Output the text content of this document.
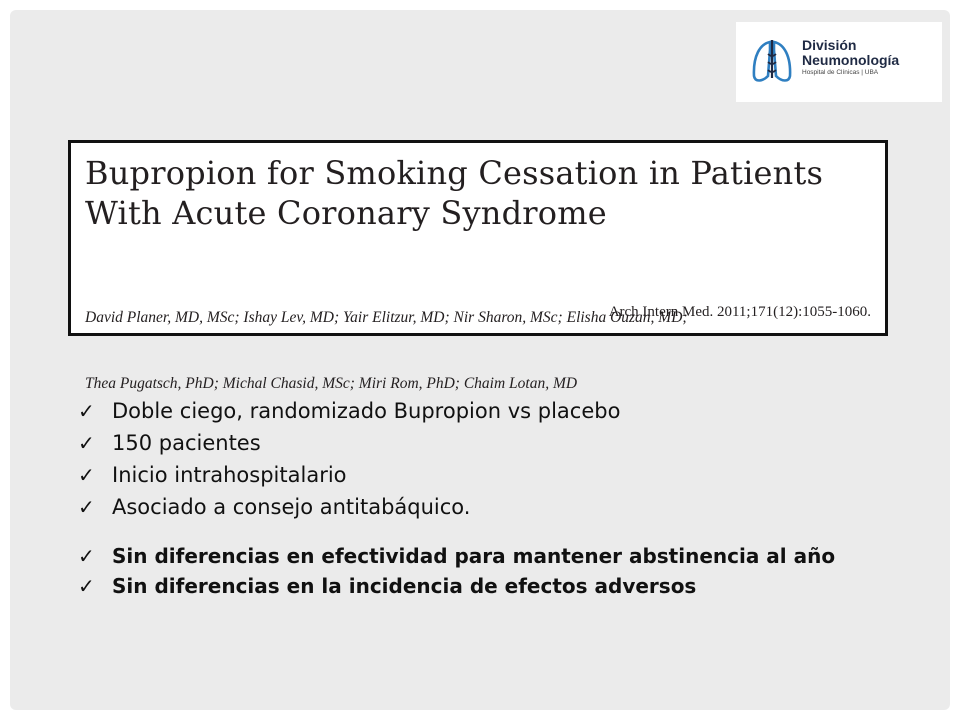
División
Neumonología
Hospital de Clínicas | UBA
Bupropion for Smoking Cessation in Patients
With Acute Coronary Syndrome

David Planer, MD, MSc; Ishay Lev, MD; Yair Elitzur, MD; Nir Sharon, MSc; Elisha Ouzan, MD;

Thea Pugatsch, PhD; Michal Chasid, MSc; Miri Rom, PhD; Chaim Lotan, MD

Arch Intern Med. 2011;171(12):1055-1060.
✓ Doble ciego, randomizado Bupropion vs placebo
✓ 150 pacientes
✓ Inicio intrahospitalario
✓ Asociado a consejo antitabáquico.
✓ Sin diferencias en efectividad para mantener abstinencia al año
✓ Sin diferencias en la incidencia de efectos adversos
